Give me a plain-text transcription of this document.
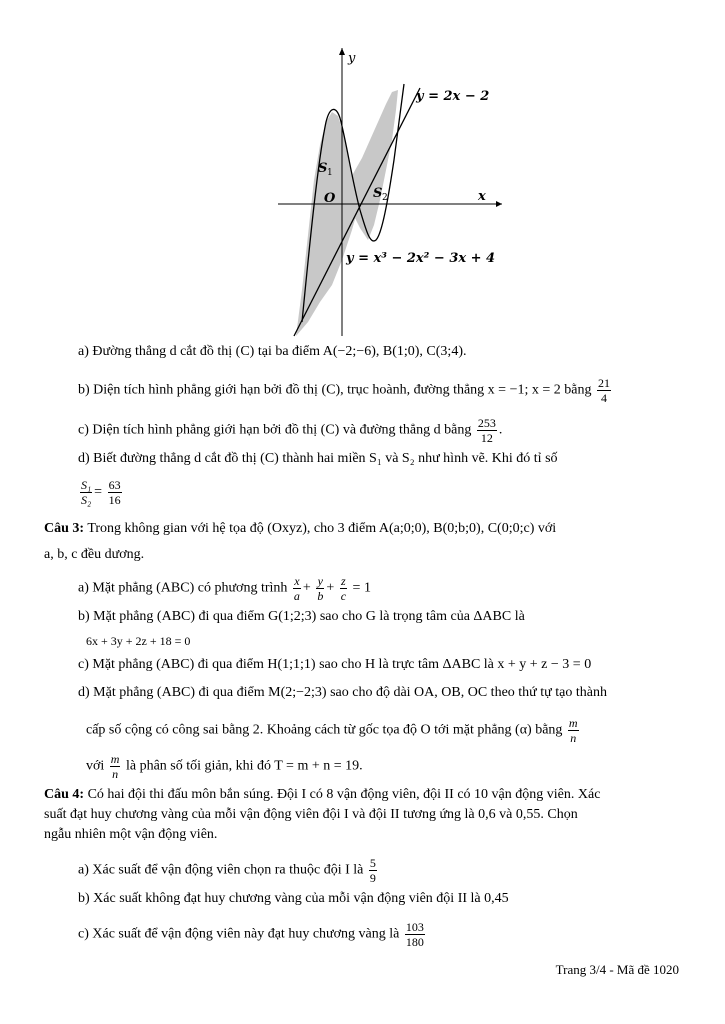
y
x
O
S 1
S 2
y = 2x − 2
y = x³ − 2x² − 3x + 4
a) Đường thẳng d cắt đồ thị (C) tại ba điểm A(−2;−6), B(1;0), C(3;4).
b) Diện tích hình phẳng giới hạn bởi đồ thị (C), trục hoành, đường thẳng x = −1; x = 2 bằng $\frac{21}{4}$
c) Diện tích hình phẳng giới hạn bởi đồ thị (C) và đường thẳng d bằng $\frac{253}{12}$ .
d) Biết đường thẳng d cắt đồ thị (C) thành hai miền S₁ và S₂ như hình vẽ. Khi đó tỉ số
$\frac{\text{S₁}}{\text{S₂}} = \frac{63}{16}$
Câu 3: Trong không gian với hệ tọa độ (Oxyz), cho 3 điểm A(a;0;0), B(0;b;0), C(0;0;c) với
a, b, c đều dương.
a) Mặt phẳng (ABC) có phương trình $\frac{x}{a} + \frac{y}{b} + \frac{z}{c} = 1$
b) Mặt phẳng (ABC) đi qua điểm G(1;2;3) sao cho G là trọng tâm của ΔABC là
6x + 3y + 2z + 18 = 0
c) Mặt phẳng (ABC) đi qua điểm H(1;1;1) sao cho H là trực tâm ΔABC là x + y + z − 3 = 0
d) Mặt phẳng (ABC) đi qua điểm M(2;−2;3) sao cho độ dài OA, OB, OC theo thứ tự tạo thành
cấp số cộng có công sai bằng 2. Khoảng cách từ gốc tọa độ O tới mặt phẳng (α) bằng $\frac{m}{n}$
với $\frac{m}{n}$ là phân số tối giản, khi đó T = m + n = 19.
Câu 4: Có hai đội thi đấu môn bắn súng. Đội I có 8 vận động viên, đội II có 10 vận động viên. Xác
suất đạt huy chương vàng của mỗi vận động viên đội I và đội II tương ứng là 0,6 và 0,55. Chọn
ngẫu nhiên một vận động viên.
a) Xác suất để vận động viên chọn ra thuộc đội I là $\frac{5}{9}$
b) Xác suất không đạt huy chương vàng của mỗi vận động viên đội II là 0,45
c) Xác suất để vận động viên này đạt huy chương vàng là $\frac{103}{180}$
Trang 3/4 - Mã đề 1020
